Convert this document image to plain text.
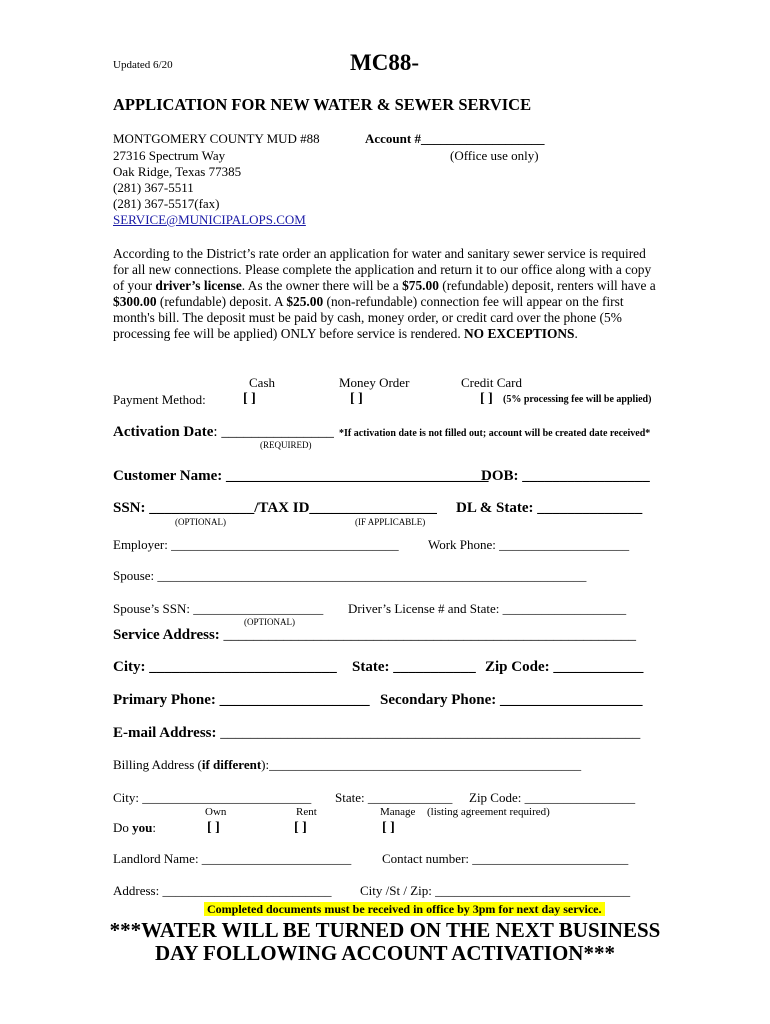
Updated 6/20	MC88-
APPLICATION FOR NEW WATER & SEWER SERVICE
MONTGOMERY COUNTY MUD #88
27316 Spectrum Way
Oak Ridge, Texas 77385
(281) 367-5511
(281) 367-5517(fax)
SERVICE@MUNICIPALOPS.COM
Account #___________________
(Office use only)
According to the District’s rate order an application for water and sanitary sewer service is required for all new connections. Please complete the application and return it to our office along with a copy of your driver’s license. As the owner there will be a $75.00 (refundable) deposit, renters will have a $300.00 (refundable) deposit. A $25.00 (non-refundable) connection fee will appear on the first month's bill. The deposit must be paid by cash, money order, or credit card over the phone (5% processing fee will be applied) ONLY before service is rendered. NO EXCEPTIONS.
Cash	Money Order	Credit Card
Payment Method:	[ ]	[ ]	[ ] (5% processing fee will be applied)
Activation Date: _______________
(REQUIRED)
*If activation date is not filled out; account will be created date received*
Customer Name: ___________________________________
DOB: _________________
SSN: ______________/TAX ID_________________
(OPTIONAL)	(IF APPLICABLE)
DL & State: ______________
Employer: ___________________________________ Work Phone: ____________________
Spouse: __________________________________________________________________
Spouse’s SSN: ____________________
(OPTIONAL)
Driver’s License # and State: ___________________
Service Address: _______________________________________________________
City: _________________________ State: ___________ Zip Code: ____________
Primary Phone: ____________________ Secondary Phone: ___________________
E-mail Address: ________________________________________________________
Billing Address (if different):________________________________________________
City: __________________________ State: _____________ Zip Code: _________________
Own	Rent	Manage (listing agreement required)
Do you:	[ ]	[ ]	[ ]
Landlord Name: _______________________ Contact number: ________________________
Address: __________________________ City /St / Zip: ______________________________
Completed documents must be received in office by 3pm for next day service.
***WATER WILL BE TURNED ON THE NEXT BUSINESS
DAY FOLLOWING ACCOUNT ACTIVATION***
